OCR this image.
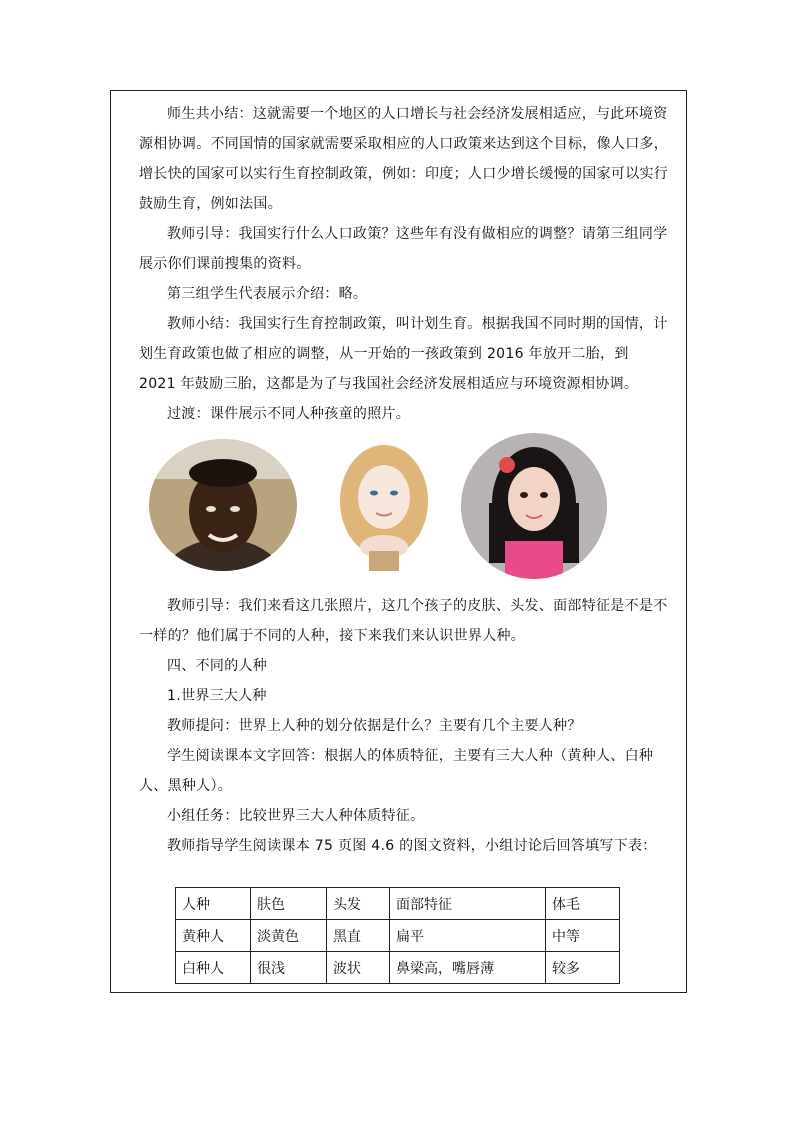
师生共小结：这就需要一个地区的人口增长与社会经济发展相适应，与此环境资源相协调。不同国情的国家就需要采取相应的人口政策来达到这个目标，像人口多，增长快的国家可以实行生育控制政策，例如：印度；人口少增长缓慢的国家可以实行鼓励生育，例如法国。

教师引导：我国实行什么人口政策？这些年有没有做相应的调整？请第三组同学展示你们课前搜集的资料。

第三组学生代表展示介绍：略。

教师小结：我国实行生育控制政策，叫计划生育。根据我国不同时期的国情，计划生育政策也做了相应的调整，从一开始的一孩政策到 2016 年放开二胎，到 2021 年鼓励三胎，这都是为了与我国社会经济发展相适应与环境资源相协调。

过渡：课件展示不同人种孩童的照片。

教师引导：我们来看这几张照片，这几个孩子的皮肤、头发、面部特征是不是不一样的？他们属于不同的人种，接下来我们来认识世界人种。

四、不同的人种

1.世界三大人种

教师提问：世界上人种的划分依据是什么？主要有几个主要人种？

学生阅读课本文字回答：根据人的体质特征，主要有三大人种（黄种人、白种人、黑种人）。

小组任务：比较世界三大人种体质特征。

教师指导学生阅读课本 75 页图 4.6 的图文资料，小组讨论后回答填写下表：

人种	肤色	头发	面部特征	体毛
黄种人	淡黄色	黑直	扁平	中等
白种人	很浅	波状	鼻梁高，嘴唇薄	较多
